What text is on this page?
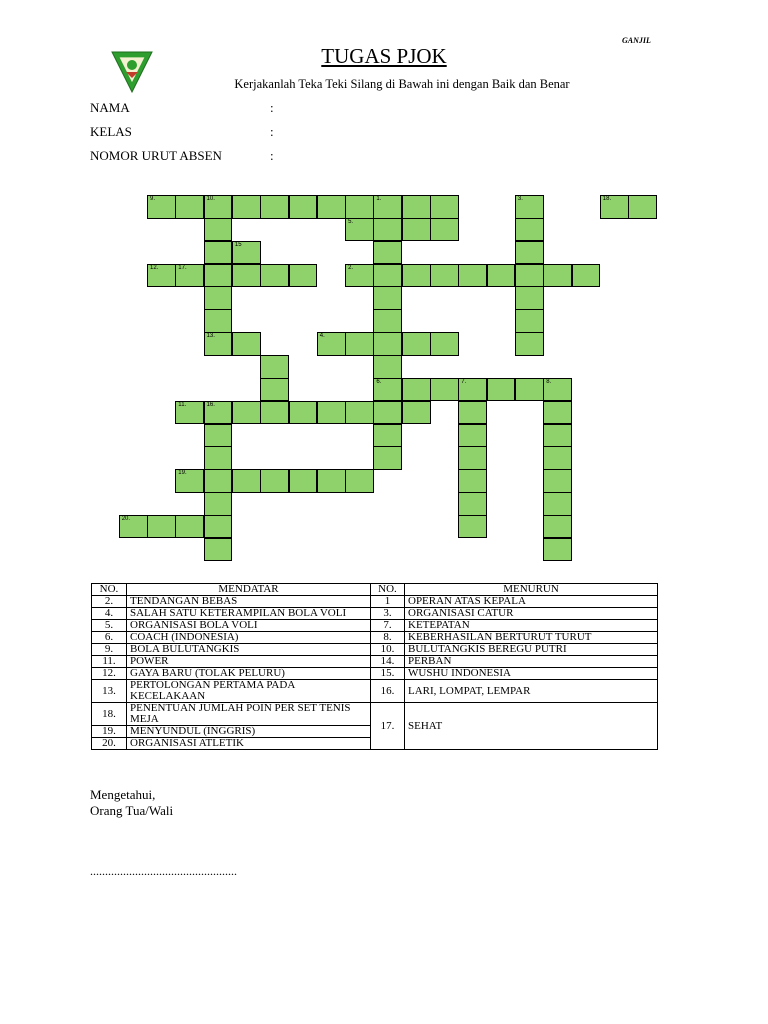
GANJIL
TUGAS PJOK
Kerjakanlah Teka Teki Silang di Bawah ini dengan Baik dan Benar
NAMA	:
KELAS	:
NOMOR URUT ABSEN	:
​
9.	10.	1.	3.	18.
5.
15
12.	17.	2.
13.	4.
6.	7.	8.
11.	16.
19.
20.
NO.	MENDATAR	NO.	MENURUN
2.	TENDANGAN BEBAS	1	OPERAN ATAS KEPALA
4.	SALAH SATU KETERAMPILAN BOLA VOLI	3.	ORGANISASI CATUR
5.	ORGANISASI BOLA VOLI	7.	KETEPATAN
6.	COACH (INDONESIA)	8.	KEBERHASILAN BERTURUT TURUT
9.	BOLA BULUTANGKIS	10.	BULUTANGKIS BEREGU PUTRI
11.	POWER	14.	PERBAN
12.	GAYA BARU (TOLAK PELURU)	15.	WUSHU INDONESIA
13.	PERTOLONGAN PERTAMA PADA KECELAKAAN	16.	LARI, LOMPAT, LEMPAR
18.	PENENTUAN JUMLAH POIN PER SET TENIS MEJA	17.	SEHAT
19.	MENYUNDUL (INGGRIS)		
20.	ORGANISASI ATLETIK		
Mengetahui,
Orang Tua/Wali
.................................................
